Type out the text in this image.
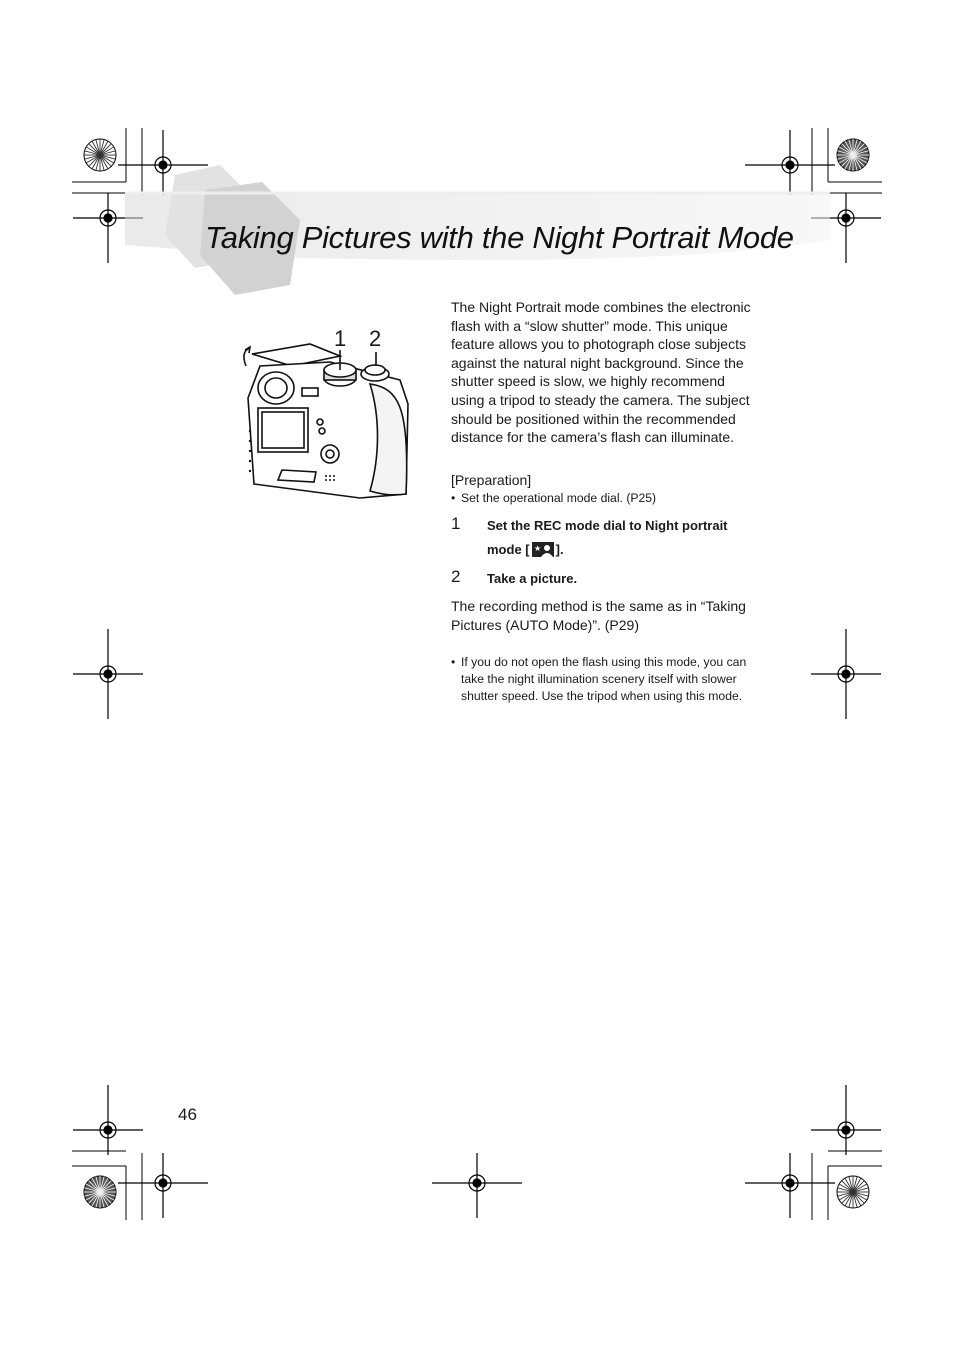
Taking Pictures with the Night Portrait Mode
1 2
The Night Portrait mode combines the electronic flash with a “slow shutter” mode. This unique feature allows you to photograph close subjects against the natural night background. Since the shutter speed is slow, we highly recommend using a tripod to steady the camera. The subject should be positioned within the recommended distance for the camera’s flash can illuminate.
[Preparation]
• Set the operational mode dial. (P25)
1 Set the REC mode dial to Night portrait
mode [ ★ ].
2 Take a picture.
The recording method is the same as in “Taking Pictures (AUTO Mode)”. (P29)
• If you do not open the flash using this mode, you can take the night illumination scenery itself with slower shutter speed. Use the tripod when using this mode.
46
